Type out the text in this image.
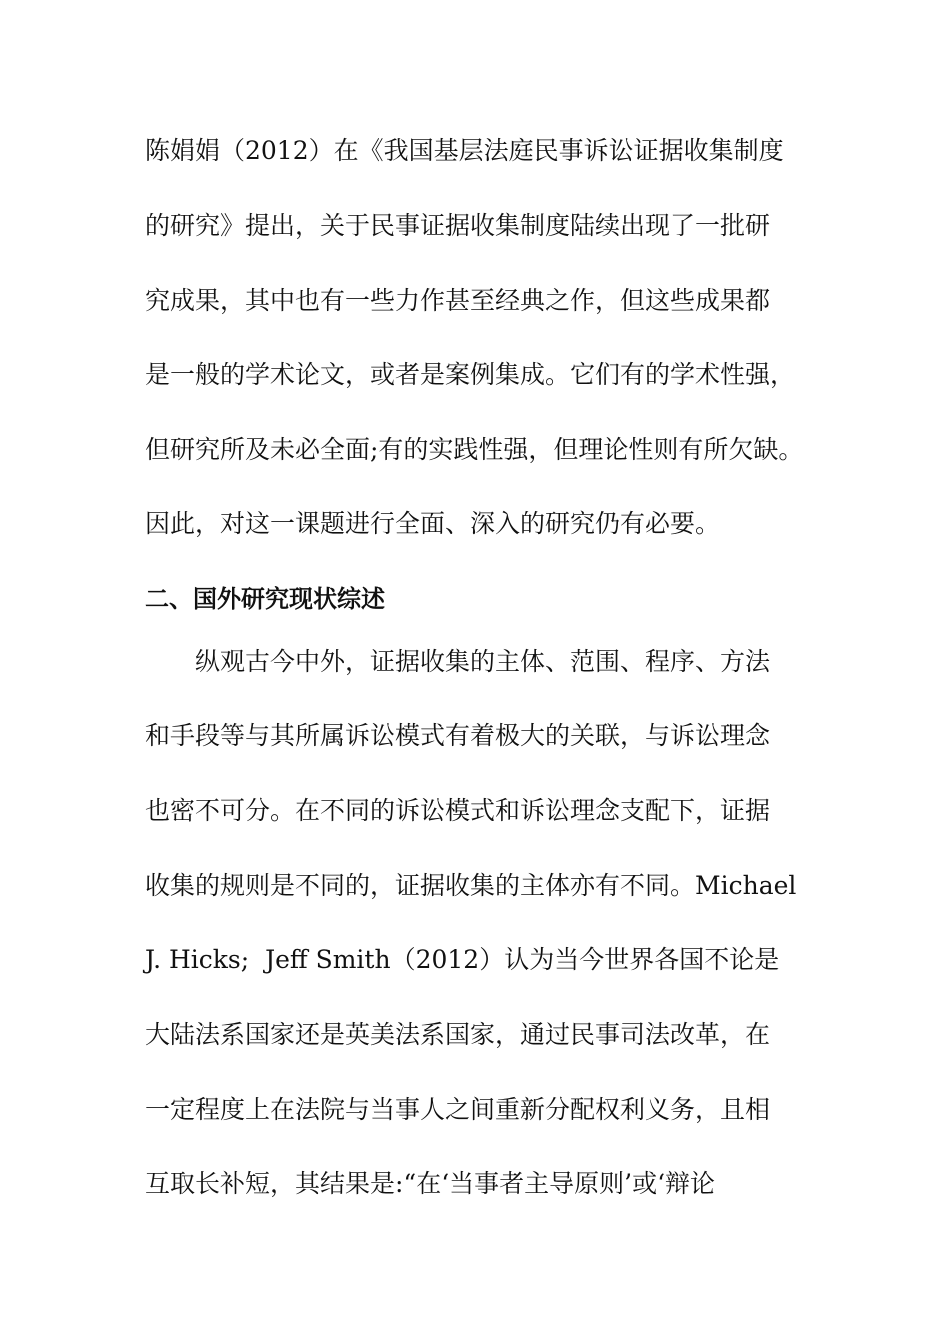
陈娟娟（2012）在《我国基层法庭民事诉讼证据收集制度
的研究》提出，关于民事证据收集制度陆续出现了一批研
究成果，其中也有一些力作甚至经典之作，但这些成果都
是一般的学术论文，或者是案例集成。它们有的学术性强，
但研究所及未必全面;有的实践性强，但理论性则有所欠缺。
因此，对这一课题进行全面、深入的研究仍有必要。
二、国外研究现状综述
　　纵观古今中外，证据收集的主体、范围、程序、方法
和手段等与其所属诉讼模式有着极大的关联，与诉讼理念
也密不可分。在不同的诉讼模式和诉讼理念支配下，证据
收集的规则是不同的，证据收集的主体亦有不同。Michael
J. Hicks;  Jeff Smith（2012）认为当今世界各国不论是
大陆法系国家还是英美法系国家，通过民事司法改革，在
一定程度上在法院与当事人之间重新分配权利义务，且相
互取长补短，其结果是:“在‘当事者主导原则’或‘辩论
